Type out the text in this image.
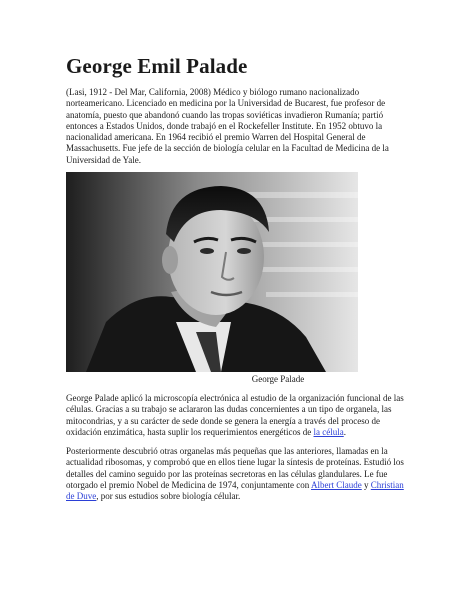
George Emil Palade

(Lasi, 1912 - Del Mar, California, 2008) Médico y biólogo rumano nacionalizado norteamericano. Licenciado en medicina por la Universidad de Bucarest, fue profesor de anatomía, puesto que abandonó cuando las tropas soviéticas invadieron Rumanía; partió entonces a Estados Unidos, donde trabajó en el Rockefeller Institute. En 1952 obtuvo la nacionalidad americana. En 1964 recibió el premio Warren del Hospital General de Massachusetts. Fue jefe de la sección de biología celular en la Facultad de Medicina de la Universidad de Yale.

George Palade

George Palade aplicó la microscopía electrónica al estudio de la organización funcional de las células. Gracias a su trabajo se aclararon las dudas concernientes a un tipo de organela, las mitocondrias, y a su carácter de sede donde se genera la energía a través del proceso de oxidación enzimática, hasta suplir los requerimientos energéticos de la célula.

Posteriormente descubrió otras organelas más pequeñas que las anteriores, llamadas en la actualidad ribosomas, y comprobó que en ellos tiene lugar la síntesis de proteínas. Estudió los detalles del camino seguido por las proteínas secretoras en las células glandulares. Le fue otorgado el premio Nobel de Medicina de 1974, conjuntamente con Albert Claude y Christian de Duve, por sus estudios sobre biología célular.
